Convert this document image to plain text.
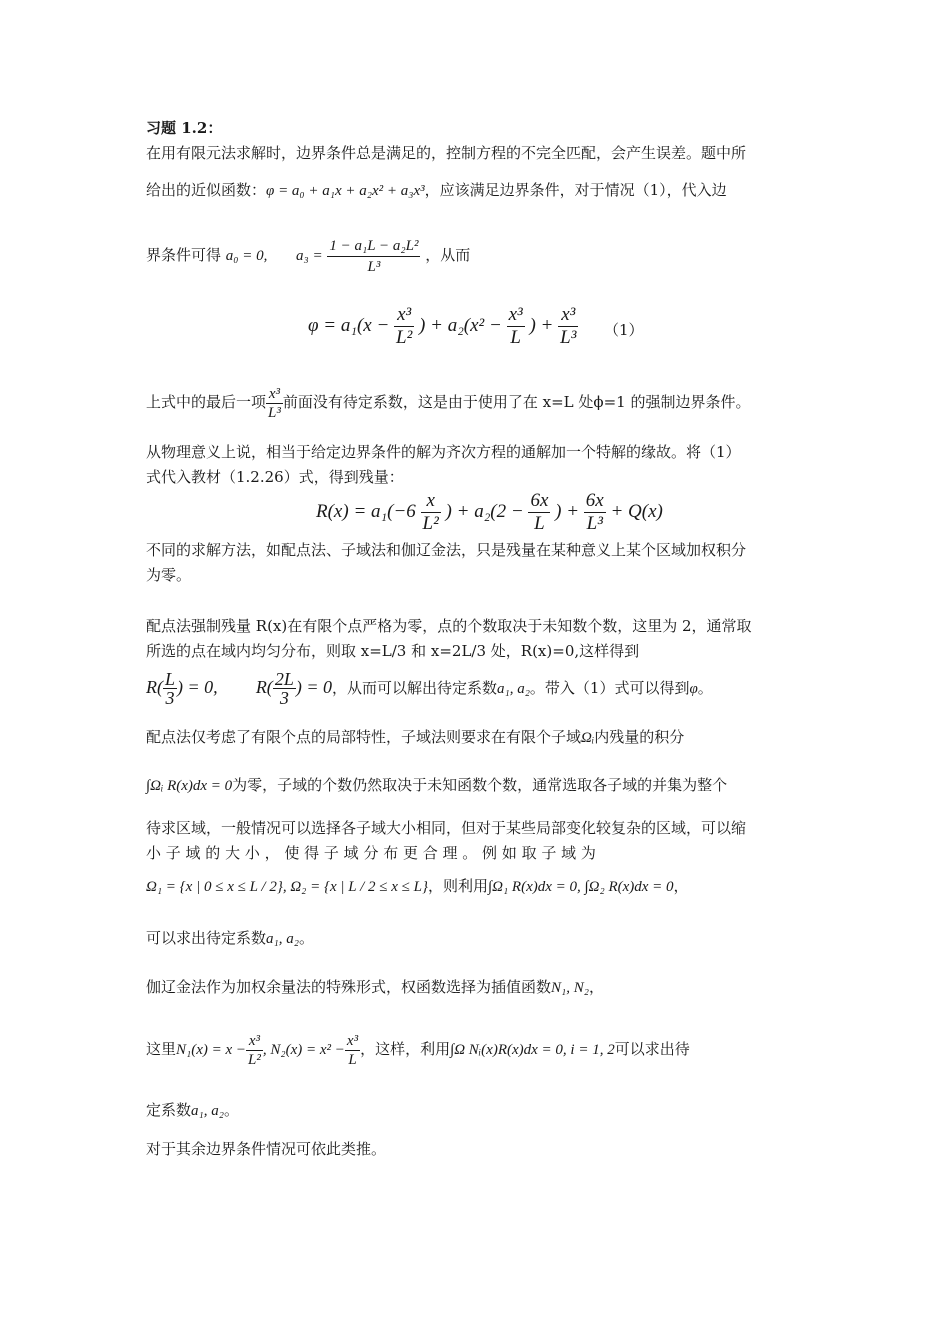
习题 1.2：
在用有限元法求解时，边界条件总是满足的，控制方程的不完全匹配，会产生误差。题中所
给出的近似函数：φ = a₀ + a₁x + a₂x² + a₃x³，应该满足边界条件，对于情况（1），代入边
界条件可得 a₀ = 0, $a_3 = \frac{\text{1 − a₁L − a₂L²}}{\text{L³}}$ ，从而
$\varphi = a_1(x - \frac{\text{x³}}{\text{L²}}$ ) + $a_2(x^2 - \frac{\text{x³}}{L}$ ) + $\frac{\text{x³}}{\text{L³}} (1)$
上式中的最后一项 $\frac{\text{x³}}{\text{L³}}$ 前面没有待定系数，这是由于使用了在 x=L 处ϕ=1 的强制边界条件。
从物理意义上说，相当于给定边界条件的解为齐次方程的通解加一个特解的缘故。将（1）
式代入教材（1.2.26）式，得到残量：
$R(x) = a_1(-6 \frac{x}{\text{L²}}$ ) + $a_2(2 - \frac{6x}{L}$ ) + $\frac{6x}{\text{L³}} + Q(x)$
不同的求解方法，如配点法、子域法和伽辽金法，只是残量在某种意义上某个区域加权积分
为零。
配点法强制残量 R(x)在有限个点严格为零，点的个数取决于未知数个数，这里为 2，通常取
所选的点在域内均匀分布，则取 x=L/3 和 x=2L/3 处，R(x)=0,这样得到
$R( \frac{L}{3}$ ) = 0, $R( \frac{2L}{3}$ ) = 0，从而可以解出待定系数a₁, a₂。带入（1）式可以得到φ。
配点法仅考虑了有限个点的局部特性，子域法则要求在有限个子域Ωᵢ内残量的积分
∫Ωᵢ R(x)dx = 0为零，子域的个数仍然取决于未知函数个数，通常选取各子域的并集为整个
待求区域，一般情况可以选择各子域大小相同，但对于某些局部变化较复杂的区域，可以缩
小 子 域 的 大 小 ， 使 得 子 域 分 布 更 合 理 。 例 如 取 子 域 为
Ω₁ = {x | 0 ≤ x ≤ L / 2}, Ω₂ = {x | L / 2 ≤ x ≤ L}，则利用∫Ω₁ R(x)dx = 0, ∫Ω₂ R(x)dx = 0，
可以求出待定系数a₁, a₂。
伽辽金法作为加权余量法的特殊形式，权函数选择为插值函数N₁, N₂，
这里$N_1(x) = x - \frac{\text{x³}}{\text{L²}}$ , $N_2(x) = x^2 - \frac{\text{x³}}{L}$ ，这样，利用∫Ω Nᵢ(x)R(x)dx = 0, i = 1, 2可以求出待
定系数a₁, a₂。
对于其余边界条件情况可依此类推。
